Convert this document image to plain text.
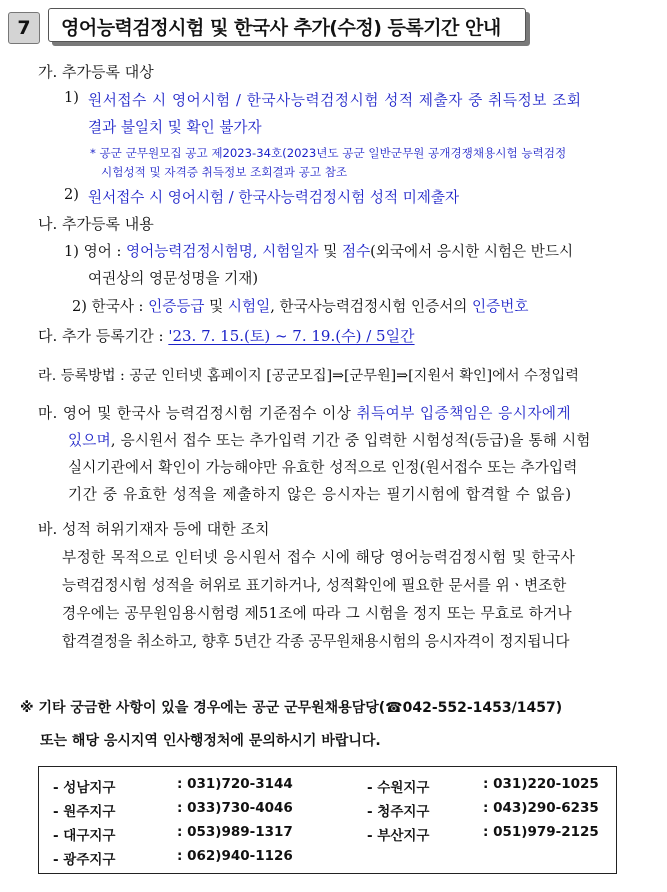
7	영어능력검정시험 및 한국사 추가(수정) 등록기간 안내
가. 추가등록 대상
1) 원서접수 시 영어시험 / 한국사능력검정시험 성적 제출자 중 취득정보 조회
결과 불일치 및 확인 불가자
* 공군 군무원모집 공고 제2023-34호(2023년도 공군 일반군무원 공개경쟁채용시험 능력검정
시험성적 및 자격증 취득정보 조회결과 공고 참조
2) 원서접수 시 영어시험 / 한국사능력검정시험 성적 미제출자
나. 추가등록 내용
1) 영어 : 영어능력검정시험명, 시험일자 및 점수(외국에서 응시한 시험은 반드시
여권상의 영문성명을 기재)
2) 한국사 : 인증등급 및 시험일, 한국사능력검정시험 인증서의 인증번호
다. 추가 등록기간 : '23. 7. 15.(토) ~ 7. 19.(수) / 5일간
라. 등록방법 : 공군 인터넷 홈페이지 [공군모집]⇒[군무원]⇒[지원서 확인]에서 수정입력
마. 영어 및 한국사 능력검정시험 기준점수 이상 취득여부 입증책임은 응시자에게
있으며, 응시원서 접수 또는 추가입력 기간 중 입력한 시험성적(등급)을 통해 시험
실시기관에서 확인이 가능해야만 유효한 성적으로 인정(원서접수 또는 추가입력
기간 중 유효한 성적을 제출하지 않은 응시자는 필기시험에 합격할 수 없음)
바. 성적 허위기재자 등에 대한 조치
부정한 목적으로 인터넷 응시원서 접수 시에 해당 영어능력검정시험 및 한국사
능력검정시험 성적을 허위로 표기하거나, 성적확인에 필요한 문서를 위ㆍ변조한
경우에는 공무원임용시험령 제51조에 따라 그 시험을 정지 또는 무효로 하거나
합격결정을 취소하고, 향후 5년간 각종 공무원채용시험의 응시자격이 정지됩니다
※ 기타 궁금한 사항이 있을 경우에는 공군 군무원채용담당(☎042-552-1453/1457)
또는 해당 응시지역 인사행정처에 문의하시기 바랍니다.
- 성남지구	: 031)720-3144
- 원주지구	: 033)730-4046
- 대구지구	: 053)989-1317
- 광주지구	: 062)940-1126
- 수원지구	: 031)220-1025
- 청주지구	: 043)290-6235
- 부산지구	: 051)979-2125
